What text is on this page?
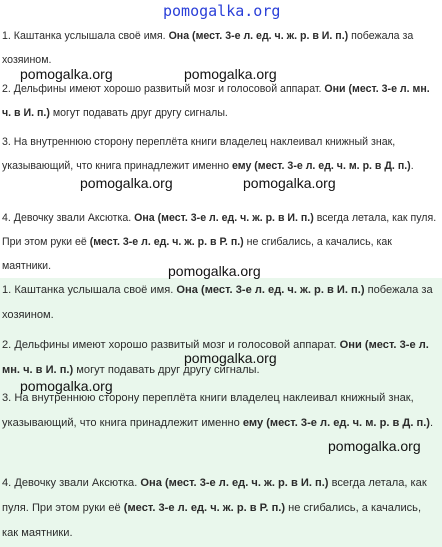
pomogalka.org

1. Каштанка услышала своё имя. Она (мест. 3-е л. ед. ч. ж. р. в И. п.) побежала за хозяином.

2. Дельфины имеют хорошо развитый мозг и голосовой аппарат. Они (мест. 3-е л. мн. ч. в И. п.) могут подавать друг другу сигналы.

3. На внутреннюю сторону переплёта книги владелец наклеивал книжный знак, указывающий, что книга принадлежит именно ему (мест. 3-е л. ед. ч. м. р. в Д. п.).

4. Девочку звали Аксютка. Она (мест. 3-е л. ед. ч. ж. р. в И. п.) всегда летала, как пуля. При этом руки её (мест. 3-е л. ед. ч. ж. р. в Р. п.) не сгибались, а качались, как маятники.

1. Каштанка услышала своё имя. Она (мест. 3-е л. ед. ч. ж. р. в И. п.) побежала за хозяином.

2. Дельфины имеют хорошо развитый мозг и голосовой аппарат. Они (мест. 3-е л. мн. ч. в И. п.) могут подавать друг другу сигналы.

3. На внутреннюю сторону переплёта книги владелец наклеивал книжный знак, указывающий, что книга принадлежит именно ему (мест. 3-е л. ед. ч. м. р. в Д. п.).

4. Девочку звали Аксютка. Она (мест. 3-е л. ед. ч. ж. р. в И. п.) всегда летала, как пуля. При этом руки её (мест. 3-е л. ед. ч. ж. р. в Р. п.) не сгибались, а качались, как маятники.

pomogalka.org	pomogalka.org
pomogalka.org	pomogalka.org
pomogalka.org
pomogalka.org
pomogalka.org
pomogalka.org
